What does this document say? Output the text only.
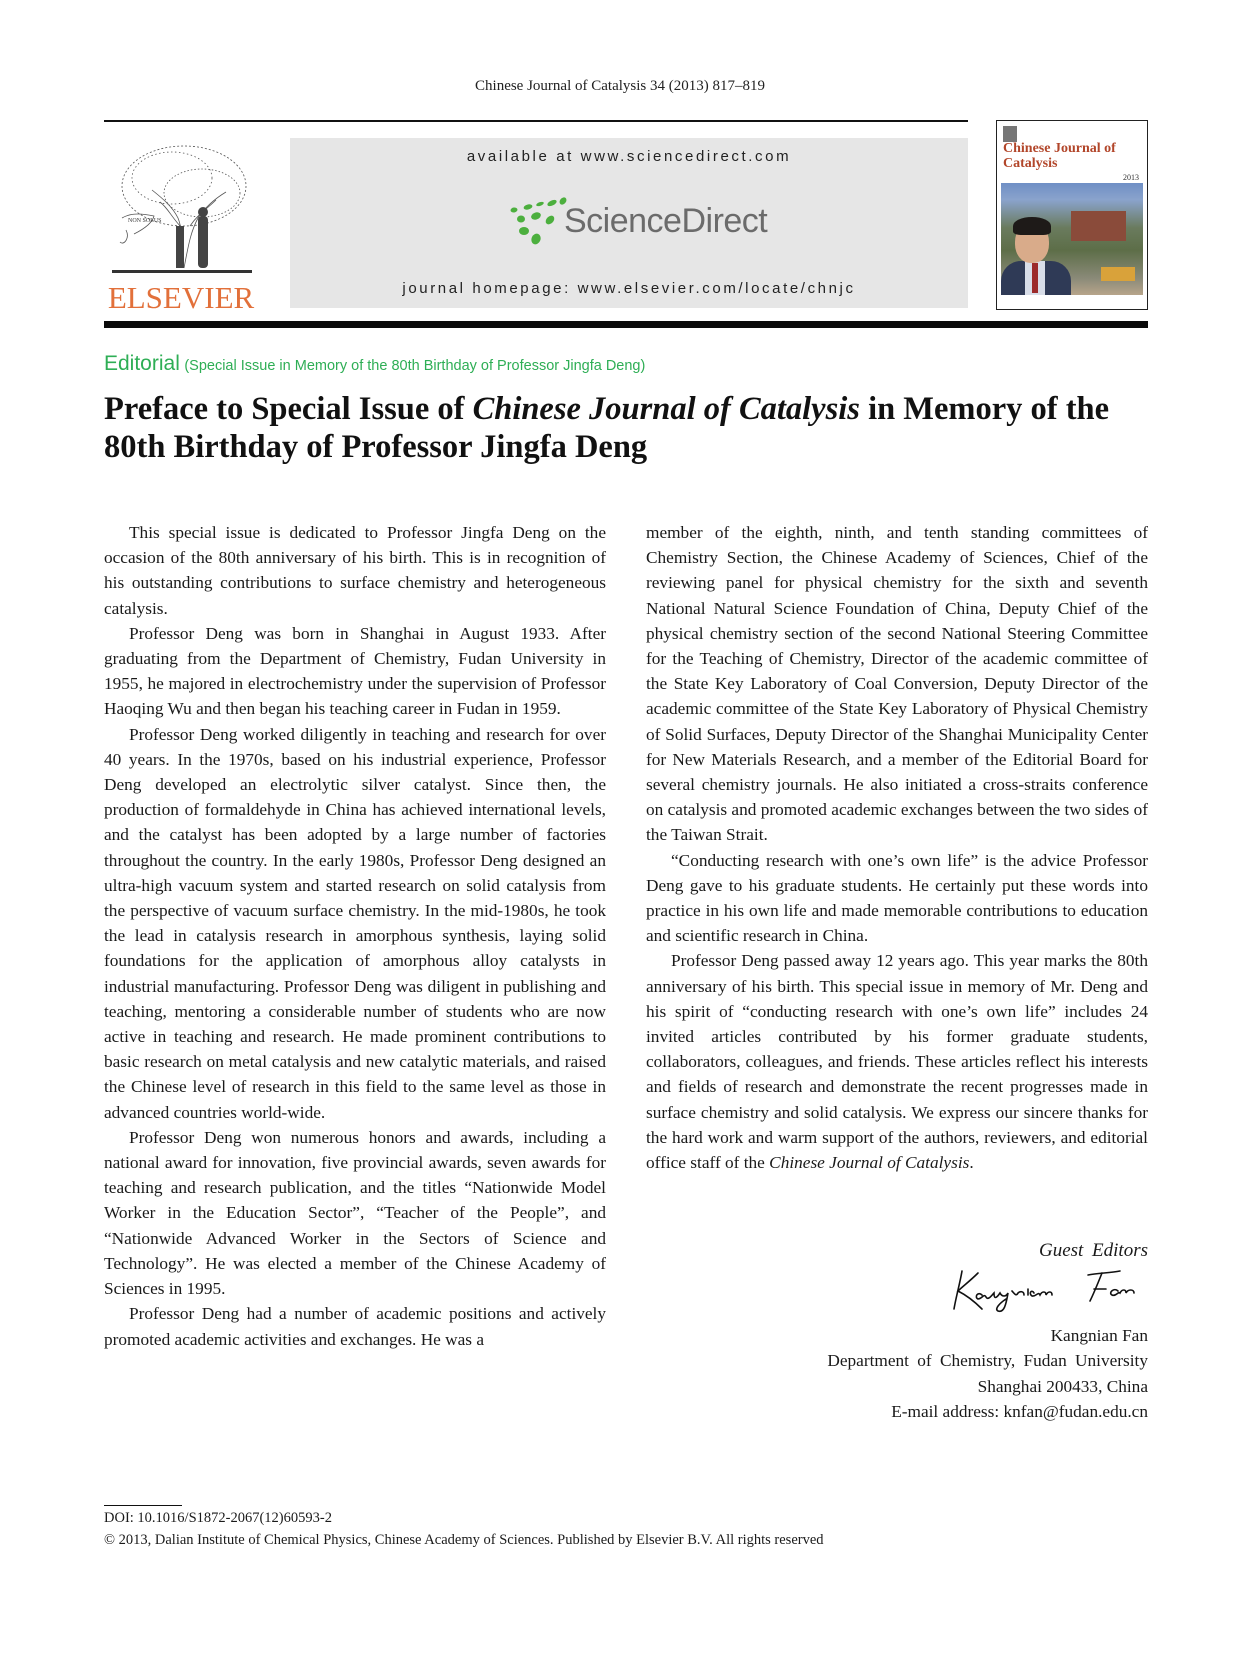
Chinese Journal of Catalysis 34 (2013) 817–819
NON SOLUS
ELSEVIER
available at www.sciencedirect.com
ScienceDirect
journal homepage: www.elsevier.com/locate/chnjc
Chinese Journal of Catalysis
2013
Editorial (Special Issue in Memory of the 80th Birthday of Professor Jingfa Deng)
Preface to Special Issue of Chinese Journal of Catalysis in Memory of the 80th Birthday of Professor Jingfa Deng

This special issue is dedicated to Professor Jingfa Deng on the occasion of the 80th anniversary of his birth. This is in recognition of his outstanding contributions to surface chemistry and heterogeneous catalysis.

Professor Deng was born in Shanghai in August 1933. After graduating from the Department of Chemistry, Fudan University in 1955, he majored in electrochemistry under the supervision of Professor Haoqing Wu and then began his teaching career in Fudan in 1959.

Professor Deng worked diligently in teaching and research for over 40 years. In the 1970s, based on his industrial experience, Professor Deng developed an electrolytic silver catalyst. Since then, the production of formaldehyde in China has achieved international levels, and the catalyst has been adopted by a large number of factories throughout the country. In the early 1980s, Professor Deng designed an ultra-high vacuum system and started research on solid catalysis from the perspective of vacuum surface chemistry. In the mid-1980s, he took the lead in catalysis research in amorphous synthesis, laying solid foundations for the application of amorphous alloy catalysts in industrial manufacturing. Professor Deng was diligent in publishing and teaching, mentoring a considerable number of students who are now active in teaching and research. He made prominent contributions to basic research on metal catalysis and new catalytic materials, and raised the Chinese level of research in this field to the same level as those in advanced countries world-wide.

Professor Deng won numerous honors and awards, including a national award for innovation, five provincial awards, seven awards for teaching and research publication, and the titles “Nationwide Model Worker in the Education Sector”, “Teacher of the People”, and “Nationwide Advanced Worker in the Sectors of Science and Technology”. He was elected a member of the Chinese Academy of Sciences in 1995.

Professor Deng had a number of academic positions and actively promoted academic activities and exchanges. He was a

member of the eighth, ninth, and tenth standing committees of Chemistry Section, the Chinese Academy of Sciences, Chief of the reviewing panel for physical chemistry for the sixth and seventh National Natural Science Foundation of China, Deputy Chief of the physical chemistry section of the second National Steering Committee for the Teaching of Chemistry, Director of the academic committee of the State Key Laboratory of Coal Conversion, Deputy Director of the academic committee of the State Key Laboratory of Physical Chemistry of Solid Surfaces, Deputy Director of the Shanghai Municipality Center for New Materials Research, and a member of the Editorial Board for several chemistry journals. He also initiated a cross-straits conference on catalysis and promoted academic exchanges between the two sides of the Taiwan Strait.

“Conducting research with one’s own life” is the advice Professor Deng gave to his graduate students. He certainly put these words into practice in his own life and made memorable contributions to education and scientific research in China.

Professor Deng passed away 12 years ago. This year marks the 80th anniversary of his birth. This special issue in memory of Mr. Deng and his spirit of “conducting research with one’s own life” includes 24 invited articles contributed by his former graduate students, collaborators, colleagues, and friends. These articles reflect his interests and fields of research and demonstrate the recent progresses made in surface chemistry and solid catalysis. We express our sincere thanks for the hard work and warm support of the authors, reviewers, and editorial office staff of the Chinese Journal of Catalysis.

Guest Editors
Kangnian Fan
Department of Chemistry, Fudan University
Shanghai 200433, China
E-mail address: knfan@fudan.edu.cn
DOI: 10.1016/S1872-2067(12)60593-2
© 2013, Dalian Institute of Chemical Physics, Chinese Academy of Sciences. Published by Elsevier B.V. All rights reserved
